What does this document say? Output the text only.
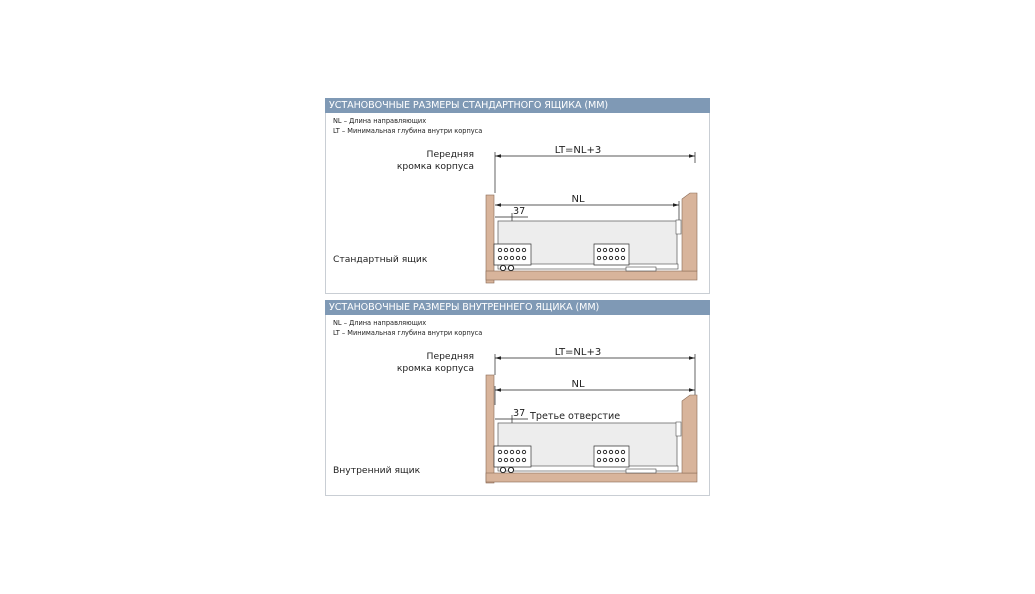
УСТАНОВОЧНЫЕ РАЗМЕРЫ СТАНДАРТНОГО ЯЩИКА (ММ)
NL – Длина направляющих
LT – Минимальная глубина внутри корпуса
Передняя
кромка корпуса
LT=NL+3
NL
37
Стандартный ящик
УСТАНОВОЧНЫЕ РАЗМЕРЫ ВНУТРЕННЕГО ЯЩИКА (ММ)
NL – Длина направляющих
LT – Минимальная глубина внутри корпуса
Передняя
кромка корпуса
LT=NL+3
NL
37 Третье отверстие
Внутренний ящик
